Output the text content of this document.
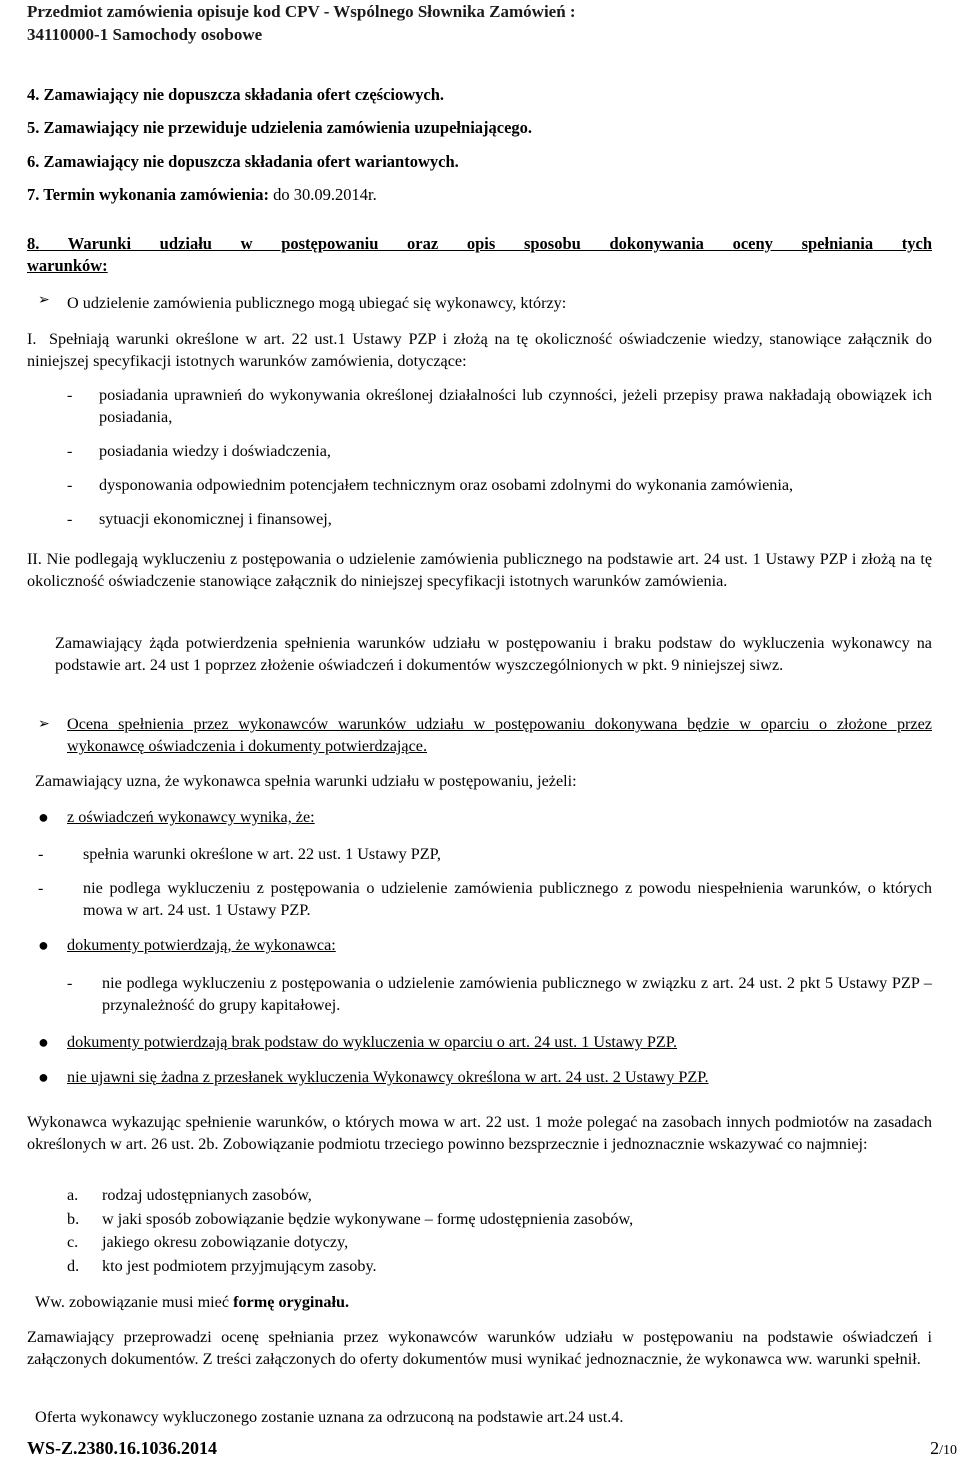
Przedmiot zamówienia opisuje kod CPV - Wspólnego Słownika Zamówień :
34110000-1 Samochody osobowe
4. Zamawiający nie dopuszcza składania ofert częściowych.
5. Zamawiający nie przewiduje udzielenia zamówienia uzupełniającego.
6. Zamawiający nie dopuszcza składania ofert wariantowych.
7. Termin wykonania zamówienia: do 30.09.2014r.
8. Warunki udziału w postępowaniu oraz opis sposobu dokonywania oceny spełniania tych
warunków:
➢ O udzielenie zamówienia publicznego mogą ubiegać się wykonawcy, którzy:
I. Spełniają warunki określone w art. 22 ust.1 Ustawy PZP i złożą na tę okoliczność oświadczenie wiedzy, stanowiące załącznik do niniejszej specyfikacji istotnych warunków zamówienia, dotyczące:
-	posiadania uprawnień do wykonywania określonej działalności lub czynności, jeżeli przepisy prawa nakładają obowiązek ich posiadania,
-	posiadania wiedzy i doświadczenia,
-	dysponowania odpowiednim potencjałem technicznym oraz osobami zdolnymi do wykonania zamówienia,
-	sytuacji ekonomicznej i finansowej,
II. Nie podlegają wykluczeniu z postępowania o udzielenie zamówienia publicznego na podstawie art. 24 ust. 1 Ustawy PZP i złożą na tę okoliczność oświadczenie stanowiące załącznik do niniejszej specyfikacji istotnych warunków zamówienia.
Zamawiający żąda potwierdzenia spełnienia warunków udziału w postępowaniu i braku podstaw do wykluczenia wykonawcy na podstawie art. 24 ust 1 poprzez złożenie oświadczeń i dokumentów wyszczególnionych w pkt. 9 niniejszej siwz.
➢ Ocena spełnienia przez wykonawców warunków udziału w postępowaniu dokonywana będzie w oparciu o złożone przez wykonawcę oświadczenia i dokumenty potwierdzające.
Zamawiający uzna, że wykonawca spełnia warunki udziału w postępowaniu, jeżeli:
● z oświadczeń wykonawcy wynika, że:
-	spełnia warunki określone w art. 22 ust. 1 Ustawy PZP,
-	nie podlega wykluczeniu z postępowania o udzielenie zamówienia publicznego z powodu niespełnienia warunków, o których mowa w art. 24 ust. 1 Ustawy PZP.
● dokumenty potwierdzają, że wykonawca:
-	nie podlega wykluczeniu z postępowania o udzielenie zamówienia publicznego w związku z art. 24 ust. 2 pkt 5 Ustawy PZP – przynależność do grupy kapitałowej.
● dokumenty potwierdzają brak podstaw do wykluczenia w oparciu o art. 24 ust. 1 Ustawy PZP.
● nie ujawni się żadna z przesłanek wykluczenia Wykonawcy określona w art. 24 ust. 2 Ustawy PZP.
Wykonawca wykazując spełnienie warunków, o których mowa w art. 22 ust. 1 może polegać na zasobach innych podmiotów na zasadach określonych w art. 26 ust. 2b. Zobowiązanie podmiotu trzeciego powinno bezsprzecznie i jednoznacznie wskazywać co najmniej:
a.	rodzaj udostępnianych zasobów,
b.	w jaki sposób zobowiązanie będzie wykonywane – formę udostępnienia zasobów,
c.	jakiego okresu zobowiązanie dotyczy,
d.	kto jest podmiotem przyjmującym zasoby.
Ww. zobowiązanie musi mieć formę oryginału.
Zamawiający przeprowadzi ocenę spełniania przez wykonawców warunków udziału w postępowaniu na podstawie oświadczeń i załączonych dokumentów. Z treści załączonych do oferty dokumentów musi wynikać jednoznacznie, że wykonawca ww. warunki spełnił.
Oferta wykonawcy wykluczonego zostanie uznana za odrzuconą na podstawie art.24 ust.4.
WS-Z.2380.16.1036.2014	2/10
